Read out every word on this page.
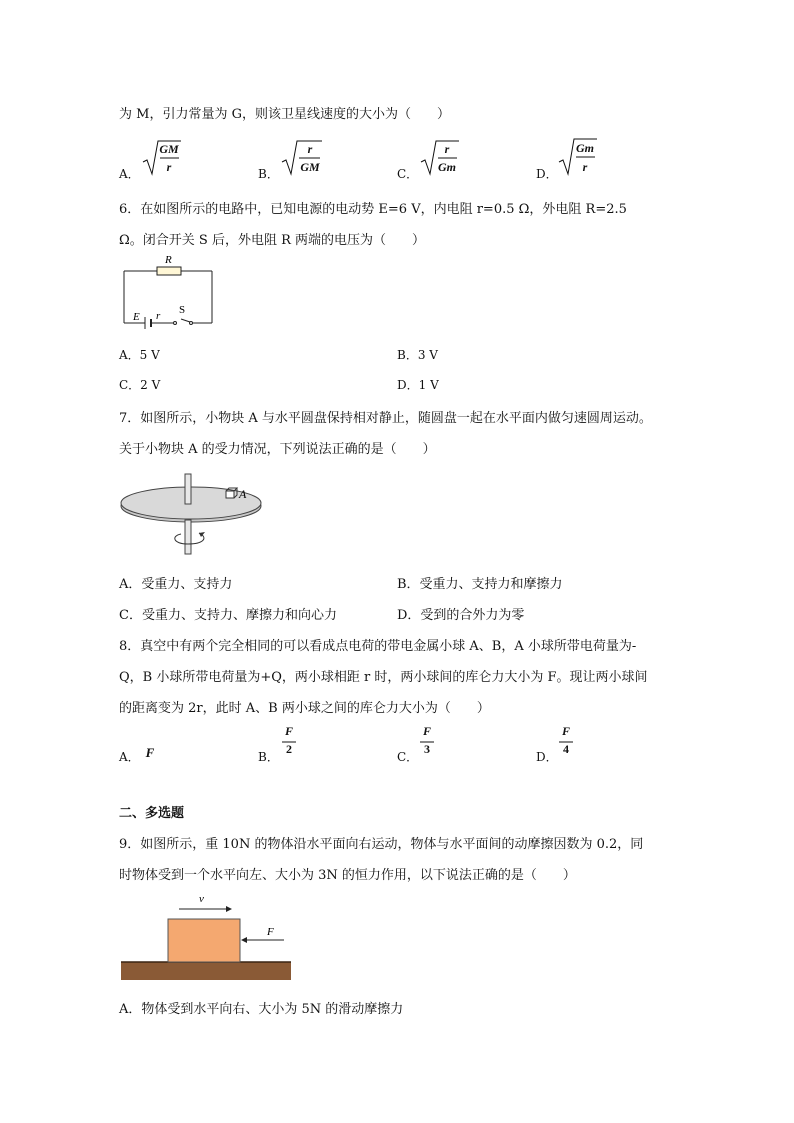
为 M，引力常量为 G，则该卫星线速度的大小为（　　）
A．
GM
r	B．
r
GM	C．
r
Gm	D．
Gm
r
6．在如图所示的电路中，已知电源的电动势 E=6 V，内电阻 r=0.5 Ω，外电阻 R=2.5
Ω。闭合开关 S 后，外电阻 R 两端的电压为（　　）
R
E r S
A．5 V	B．3 V
C．2 V	D．1 V
7．如图所示，小物块 A 与水平圆盘保持相对静止，随圆盘一起在水平面内做匀速圆周运动。
关于小物块 A 的受力情况，下列说法正确的是（　　）
A
A．受重力、支持力	B．受重力、支持力和摩擦力
C．受重力、支持力、摩擦力和向心力	D．受到的合外力为零
8．真空中有两个完全相同的可以看成点电荷的带电金属小球 A、B，A 小球所带电荷量为-
Q，B 小球所带电荷量为+Q，两小球相距 r 时，两小球间的库仑力大小为 F。现让两小球间
的距离变为 2r，此时 A、B 两小球之间的库仑力大小为（　　）
A． F	B．
F
2
C．
F
3
D．
F
4
二、多选题
9．如图所示，重 10N 的物体沿水平面向右运动，物体与水平面间的动摩擦因数为 0.2，同
时物体受到一个水平向左、大小为 3N 的恒力作用，以下说法正确的是（　　）
v
F
A．物体受到水平向右、大小为 5N 的滑动摩擦力
